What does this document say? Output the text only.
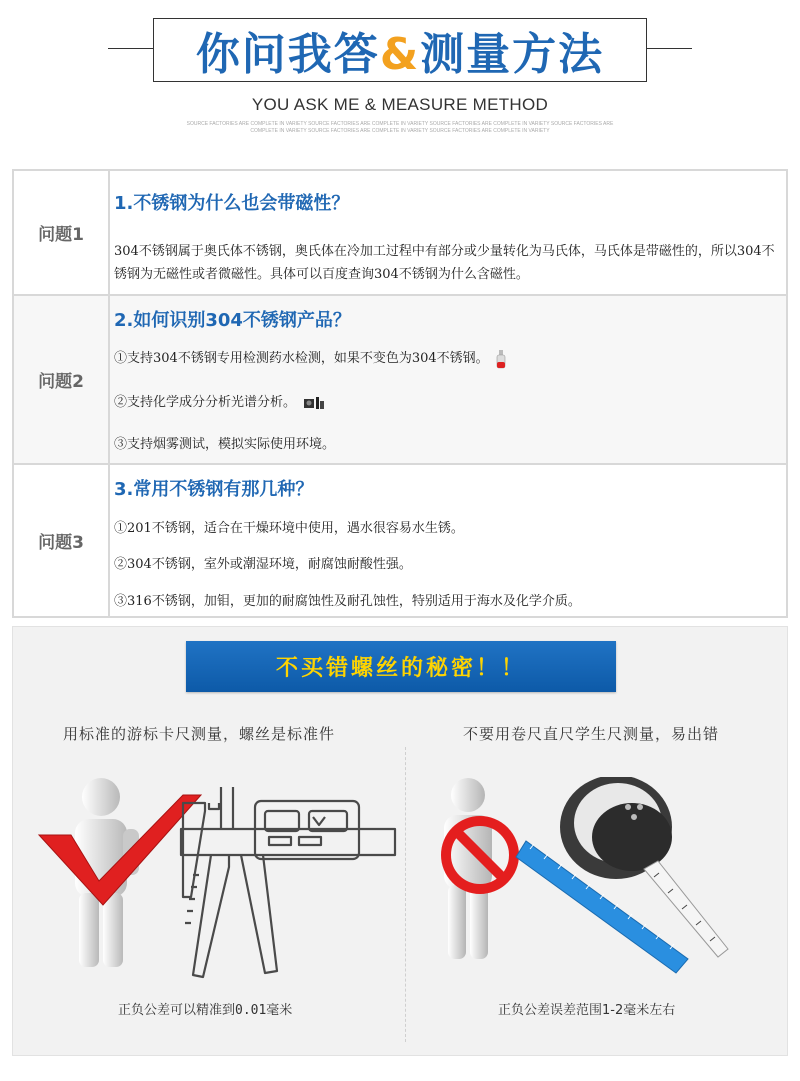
你问我答&测量方法
YOU ASK ME & MEASURE METHOD
SOURCE FACTORIES ARE COMPLETE IN VARIETY SOURCE FACTORIES ARE COMPLETE IN VARIETY SOURCE FACTORIES ARE COMPLETE IN VARIETY SOURCE FACTORIES ARE COMPLETE IN VARIETY SOURCE FACTORIES ARE COMPLETE IN VARIETY SOURCE FACTORIES ARE COMPLETE IN VARIETY
问题1
1.不锈钢为什么也会带磁性？
304不锈钢属于奥氏体不锈钢，奥氏体在冷加工过程中有部分或少量转化为马氏体，马氏体是带磁性的，所以304不锈钢为无磁性或者微磁性。具体可以百度查询304不锈钢为什么含磁性。
问题2
2.如何识别304不锈钢产品？
①支持304不锈钢专用检测药水检测，如果不变色为304不锈钢。
②支持化学成分分析光谱分析。
③支持烟雾测试，模拟实际使用环境。
问题3
3.常用不锈钢有那几种？
①201不锈钢，适合在干燥环境中使用，遇水很容易水生锈。
②304不锈钢，室外或潮湿环境，耐腐蚀耐酸性强。
③316不锈钢，加钼，更加的耐腐蚀性及耐孔蚀性，特别适用于海水及化学介质。
不买错螺丝的秘密！！
用标准的游标卡尺测量，螺丝是标准件	不要用卷尺直尺学生尺测量，易出错
正负公差可以精准到0.01毫米	正负公差误差范围1-2毫米左右
